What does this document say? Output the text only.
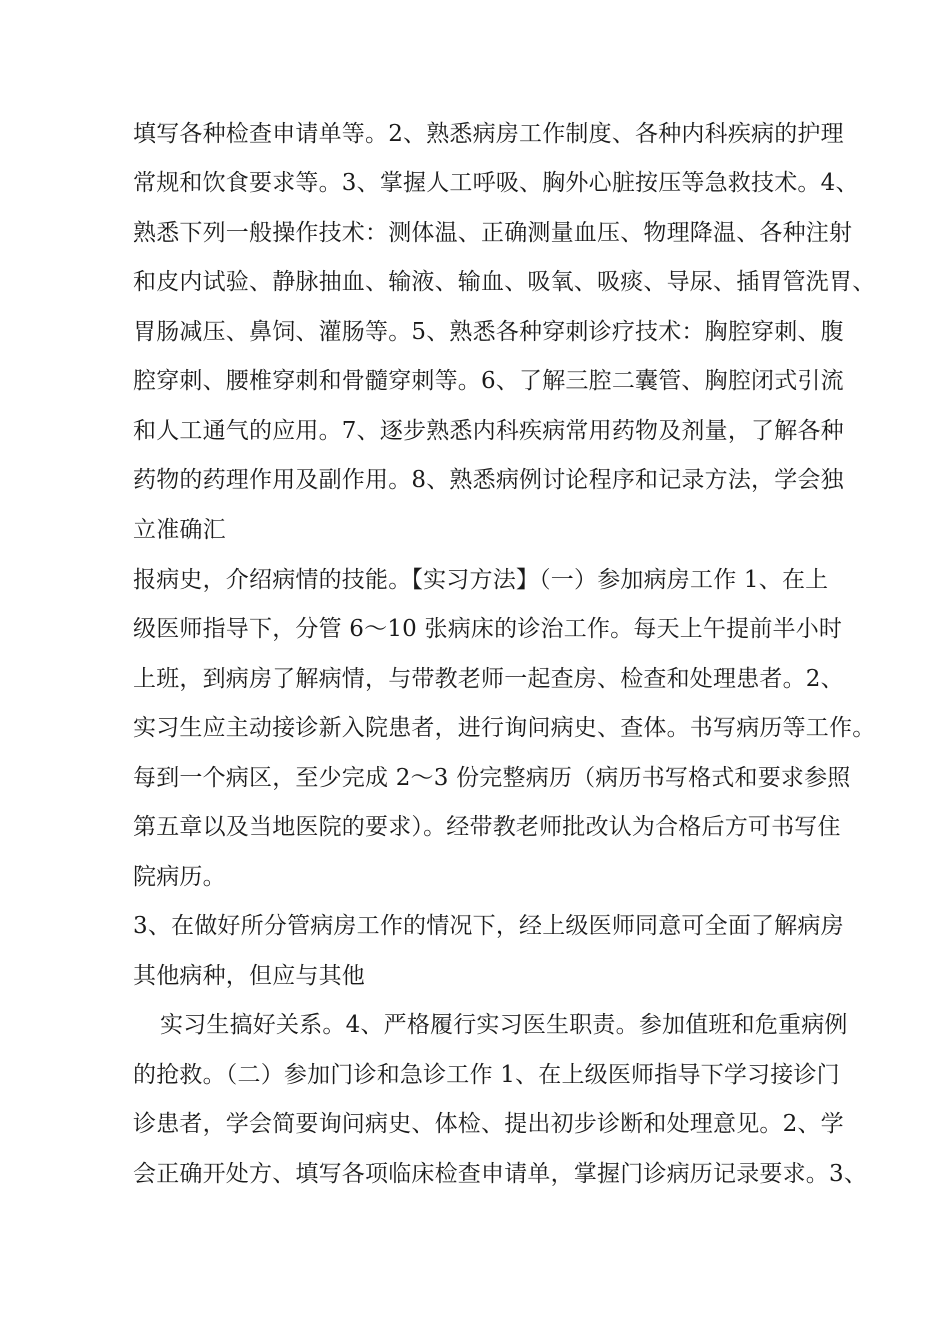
填写各种检查申请单等。2、熟悉病房工作制度、各种内科疾病的护理
常规和饮食要求等。3、掌握人工呼吸、胸外心脏按压等急救技术。4、
熟悉下列一般操作技术：测体温、正确测量血压、物理降温、各种注射
和皮内试验、静脉抽血、输液、输血、吸氧、吸痰、导尿、插胃管洗胃、
胃肠减压、鼻饲、灌肠等。5、熟悉各种穿刺诊疗技术：胸腔穿刺、腹
腔穿刺、腰椎穿刺和骨髓穿刺等。6、了解三腔二囊管、胸腔闭式引流
和人工通气的应用。7、逐步熟悉内科疾病常用药物及剂量，了解各种
药物的药理作用及副作用。8、熟悉病例讨论程序和记录方法，学会独
立准确汇
报病史，介绍病情的技能。【实习方法】（一）参加病房工作 1、在上
级医师指导下，分管 6～10 张病床的诊治工作。每天上午提前半小时
上班，到病房了解病情，与带教老师一起查房、检查和处理患者。2、
实习生应主动接诊新入院患者，进行询问病史、查体。书写病历等工作。
每到一个病区，至少完成 2～3 份完整病历（病历书写格式和要求参照
第五章以及当地医院的要求）。经带教老师批改认为合格后方可书写住
院病历。
3、在做好所分管病房工作的情况下，经上级医师同意可全面了解病房
其他病种，但应与其他
实习生搞好关系。4、严格履行实习医生职责。参加值班和危重病例
的抢救。（二）参加门诊和急诊工作 1、在上级医师指导下学习接诊门
诊患者，学会简要询问病史、体检、提出初步诊断和处理意见。2、学
会正确开处方、填写各项临床检查申请单，掌握门诊病历记录要求。3、
